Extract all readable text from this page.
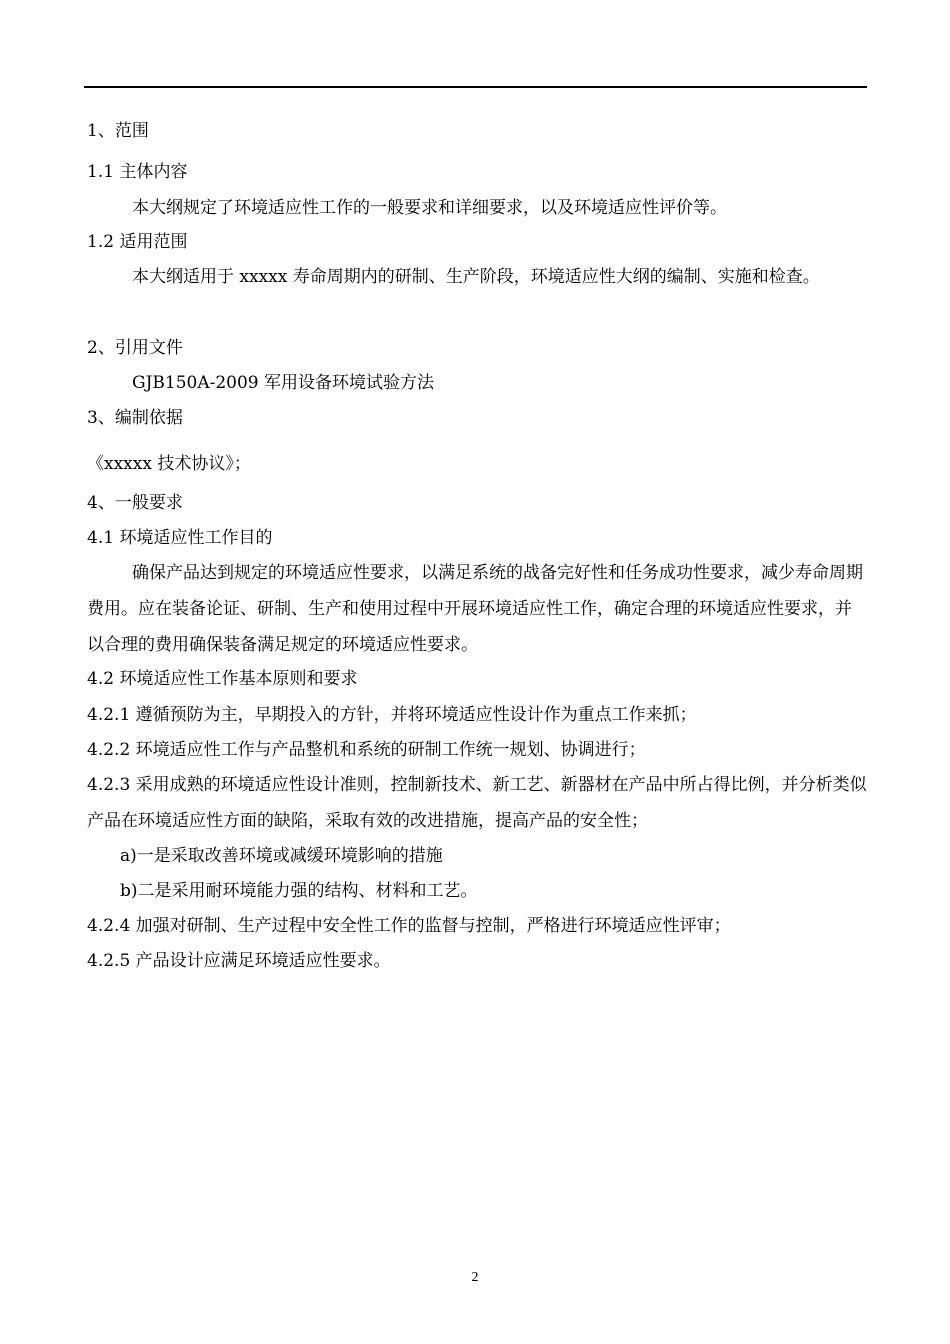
1、范围
1.1 主体内容
本大纲规定了环境适应性工作的一般要求和详细要求，以及环境适应性评价等。
1.2 适用范围
本大纲适用于 xxxxx 寿命周期内的研制、生产阶段，环境适应性大纲的编制、实施和检查。
2、引用文件
GJB150A-2009 军用设备环境试验方法
3、编制依据
《xxxxx 技术协议》；
4、一般要求
4.1 环境适应性工作目的
确保产品达到规定的环境适应性要求，以满足系统的战备完好性和任务成功性要求，减少寿命周期费用。应在装备论证、研制、生产和使用过程中开展环境适应性工作，确定合理的环境适应性要求，并以合理的费用确保装备满足规定的环境适应性要求。
4.2 环境适应性工作基本原则和要求
4.2.1 遵循预防为主，早期投入的方针，并将环境适应性设计作为重点工作来抓；
4.2.2 环境适应性工作与产品整机和系统的研制工作统一规划、协调进行；
4.2.3 采用成熟的环境适应性设计准则，控制新技术、新工艺、新器材在产品中所占得比例，并分析类似产品在环境适应性方面的缺陷，采取有效的改进措施，提高产品的安全性；
a)一是采取改善环境或减缓环境影响的措施
b)二是采用耐环境能力强的结构、材料和工艺。
4.2.4 加强对研制、生产过程中安全性工作的监督与控制，严格进行环境适应性评审；
4.2.5 产品设计应满足环境适应性要求。
2
